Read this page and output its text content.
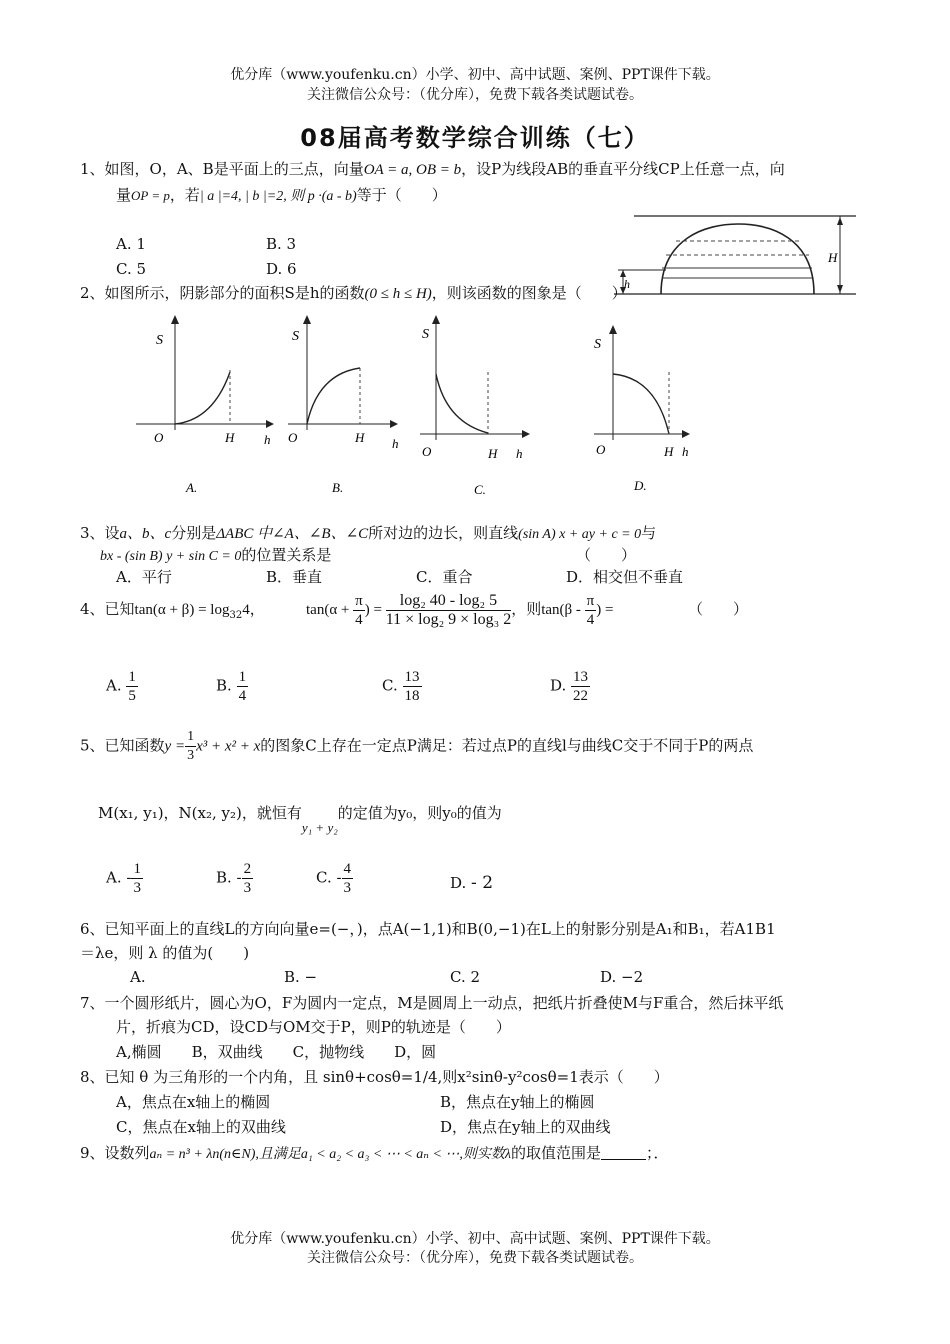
优分库（www.youfenku.cn）小学、初中、高中试题、案例、PPT课件下载。
关注微信公众号：（优分库），免费下载各类试题试卷。
08届高考数学综合训练（七）
1、如图，O，A、B是平面上的三点，向量OA = a, OB = b，设P为线段AB的垂直平分线CP上任意一点，向
量OP = p，若| a |=4, | b |=2, 则 p ·(a - b)等于（　　）
A. 1	B. 3
C. 5	D. 6
h
H
2、如图所示，阴影部分的面积S是h的函数(0 ≤ h ≤ H)，则该函数的图象是（　　）
S
O	H h
A.
S
O	H h
B.
S
O	H h
C.
S
O	H h
D.
3、设a、b、c分别是ΔABC 中∠A、∠B、∠C所对边的边长，则直线(sin A) x + ay + c = 0与
bx - (sin B) y + sin C = 0的位置关系是	（　　）
A．平行	B．垂直	C．重合	D．相交但不垂直
4、已知$\tan(\alpha + \beta) = \log_{32}4$，	$\tan(\alpha + \frac{\pi}{4}$ ) = $\frac{\text{log₂ 40 - log₂ 5}}{\text{11 × log₂ 9 × log₃ 2}}$ ，则$\tan(\beta - \frac{\pi}{4}$ ) =	（　　）
A. $\frac{1}{5}$	B. $\frac{1}{4}$	C. $\frac{13}{18}$	D. $\frac{13}{22}$
5、已知函数$y = \frac{1}{3} x^3 + x^2 + x$的图象C上存在一定点P满足：若过点P的直线l与曲线C交于不同于P的两点
M(x₁, y₁)，N(x₂, y₂)，就恒有y₁ + y₂的定值为y₀，则y₀的值为
A. - $\frac{1}{3}$	B. - $\frac{2}{3}$	C. - $\frac{4}{3}$	D. - 2
6、已知平面上的直线L的方向向量e=(−，)，点A(−1,1)和B(0,−1)在L上的射影分别是A₁和B₁，若A1B1
＝λe，则 λ 的值为(　　)
A.	B. −	C. 2	D. −2
7、一个圆形纸片，圆心为O，F为圆内一定点，M是圆周上一动点，把纸片折叠使M与F重合，然后抹平纸
片，折痕为CD，设CD与OM交于P，则P的轨迹是（　　）
A,椭圆　　B，双曲线　　C，抛物线　　D，圆
8、已知 θ 为三角形的一个内角，且 sinθ+cosθ=1/4,则x²sinθ-y²cosθ=1表示（　　）
A，焦点在x轴上的椭圆	B，焦点在y轴上的椭圆
C，焦点在x轴上的双曲线	D，焦点在y轴上的双曲线
9、设数列aₙ = n³ + λn(n∈N),且满足a₁ < a₂ < a₃ < ⋯ < aₙ < ⋯,则实数λ的取值范围是　　　	；．
优分库（www.youfenku.cn）小学、初中、高中试题、案例、PPT课件下载。
关注微信公众号：（优分库），免费下载各类试题试卷。
